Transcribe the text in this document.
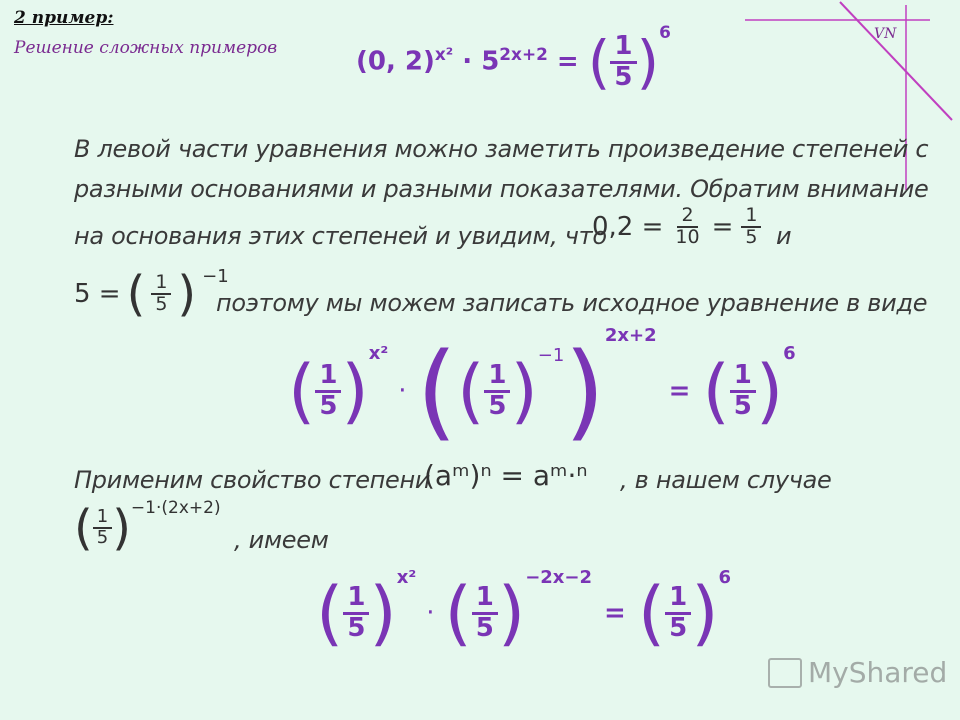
2 пример:
Решение сложных примеров
VN
(0, $2)^{x^2} \cdot 5^{2x+2}$ = ( $\frac{1}{5} )^6$
В левой части уравнения можно заметить произведение степеней с
разными основаниями и разными показателями. Обратим внимание
на основания этих степеней и увидим, что
$0,2 = \frac{2}{10} = \frac{1}{5}$ и
5 = ( $\frac{1}{5}$ ) $^{-1}$
поэтому мы можем записать исходное уравнение в виде
( $\frac{1}{5} )^{x^2}$
· ( ( $\frac{1}{5} )^{-1}$ )$^{2x+2}$
= ( $\frac{1}{5} )^6$
Применим свойство степени
(aᵐ)ⁿ = aᵐ·ⁿ , в нашем случае
( $\frac{1}{5} )^{-1\cdot(2x+2)}$
, имеем
( $\frac{1}{5} )^{x^2}$
· ( $\frac{1}{5} )^{-2x-2}$
= ( $\frac{1}{5} )^6$
MyShared
